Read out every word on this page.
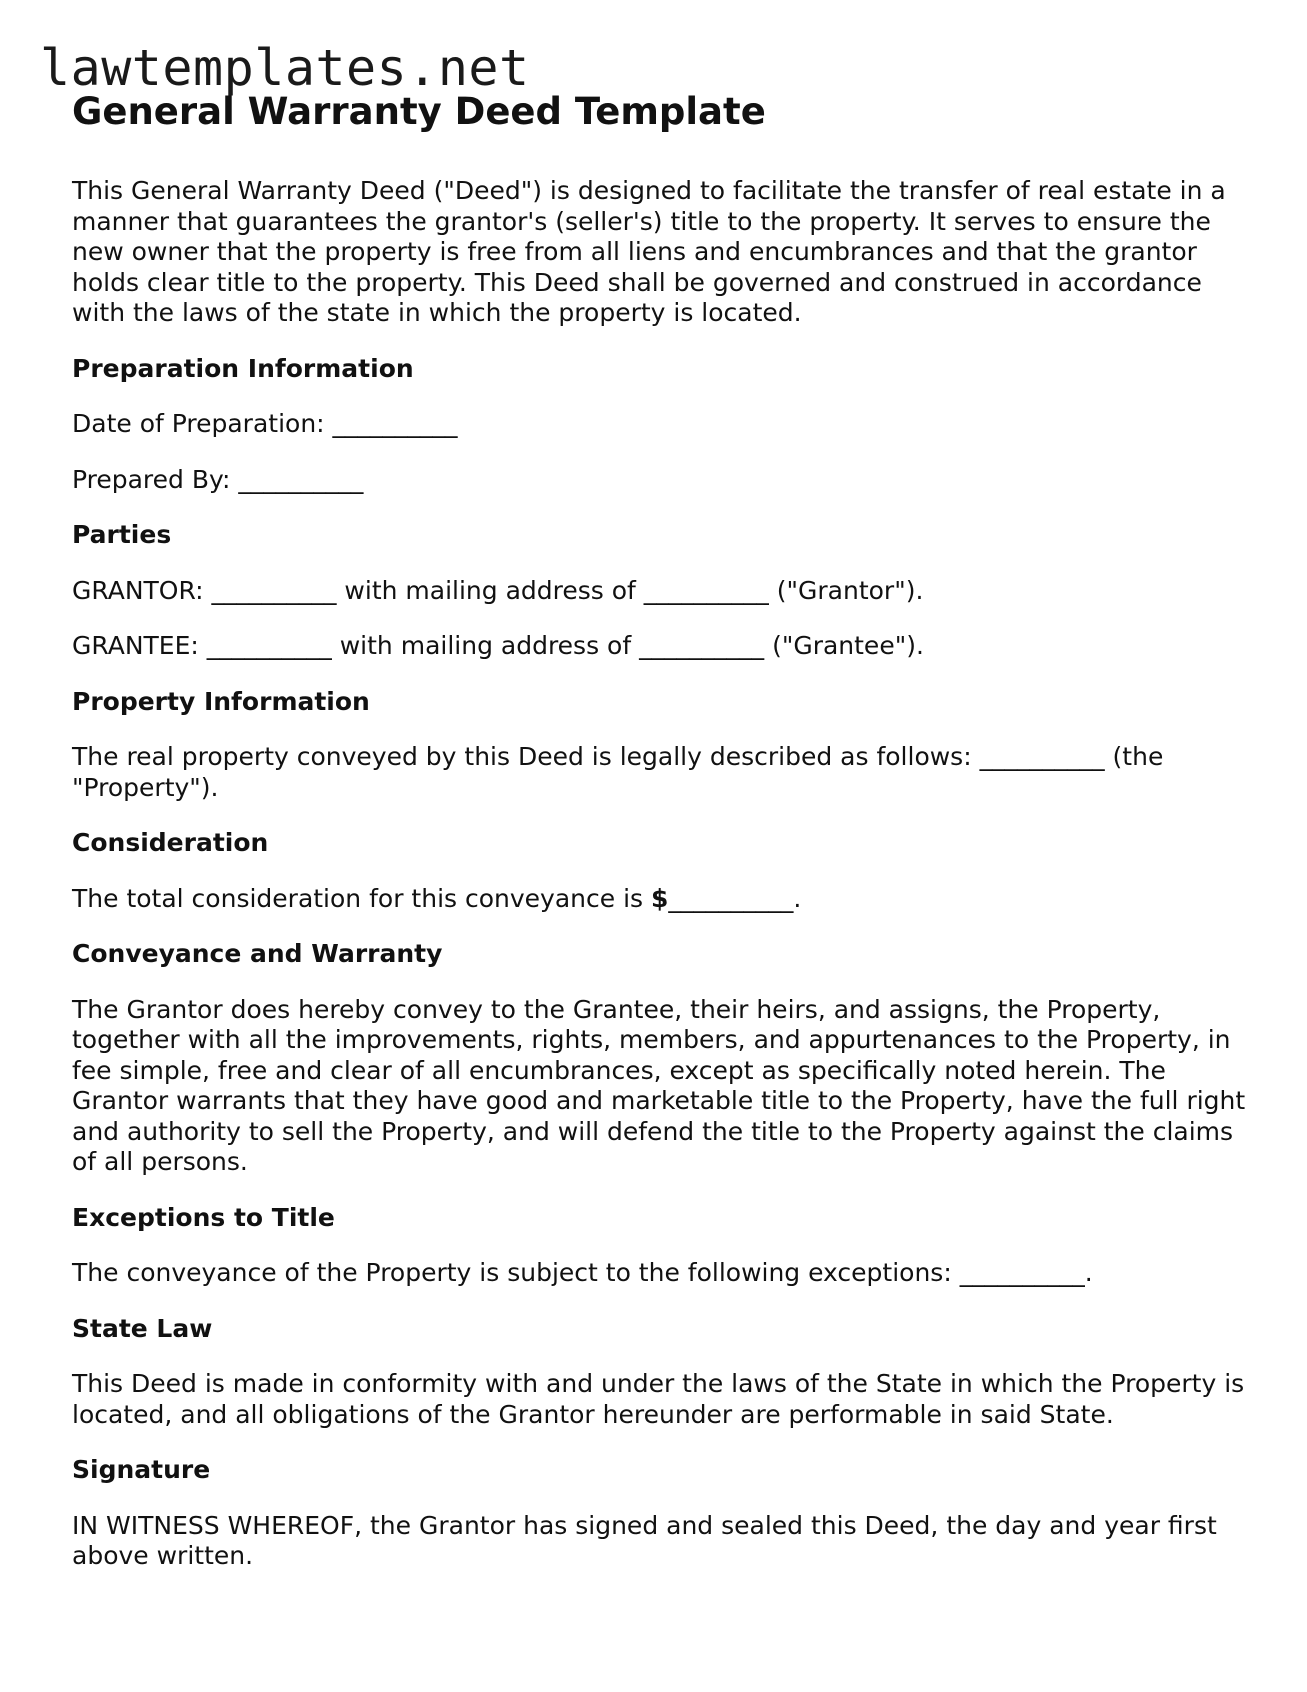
lawtemplates.net
General Warranty Deed Template

This General Warranty Deed ("Deed") is designed to facilitate the transfer of real estate in a manner that guarantees the grantor's (seller's) title to the property. It serves to ensure the new owner that the property is free from all liens and encumbrances and that the grantor holds clear title to the property. This Deed shall be governed and construed in accordance with the laws of the state in which the property is located.

Preparation Information

Date of Preparation: __________

Prepared By: __________

Parties

GRANTOR: __________ with mailing address of __________ ("Grantor").

GRANTEE: __________ with mailing address of __________ ("Grantee").

Property Information

The real property conveyed by this Deed is legally described as follows: __________ (the "Property").

Consideration

The total consideration for this conveyance is $__________.

Conveyance and Warranty

The Grantor does hereby convey to the Grantee, their heirs, and assigns, the Property, together with all the improvements, rights, members, and appurtenances to the Property, in fee simple, free and clear of all encumbrances, except as specifically noted herein. The Grantor warrants that they have good and marketable title to the Property, have the full right and authority to sell the Property, and will defend the title to the Property against the claims of all persons.

Exceptions to Title

The conveyance of the Property is subject to the following exceptions: __________.

State Law

This Deed is made in conformity with and under the laws of the State in which the Property is located, and all obligations of the Grantor hereunder are performable in said State.

Signature

IN WITNESS WHEREOF, the Grantor has signed and sealed this Deed, the day and year first above written.
